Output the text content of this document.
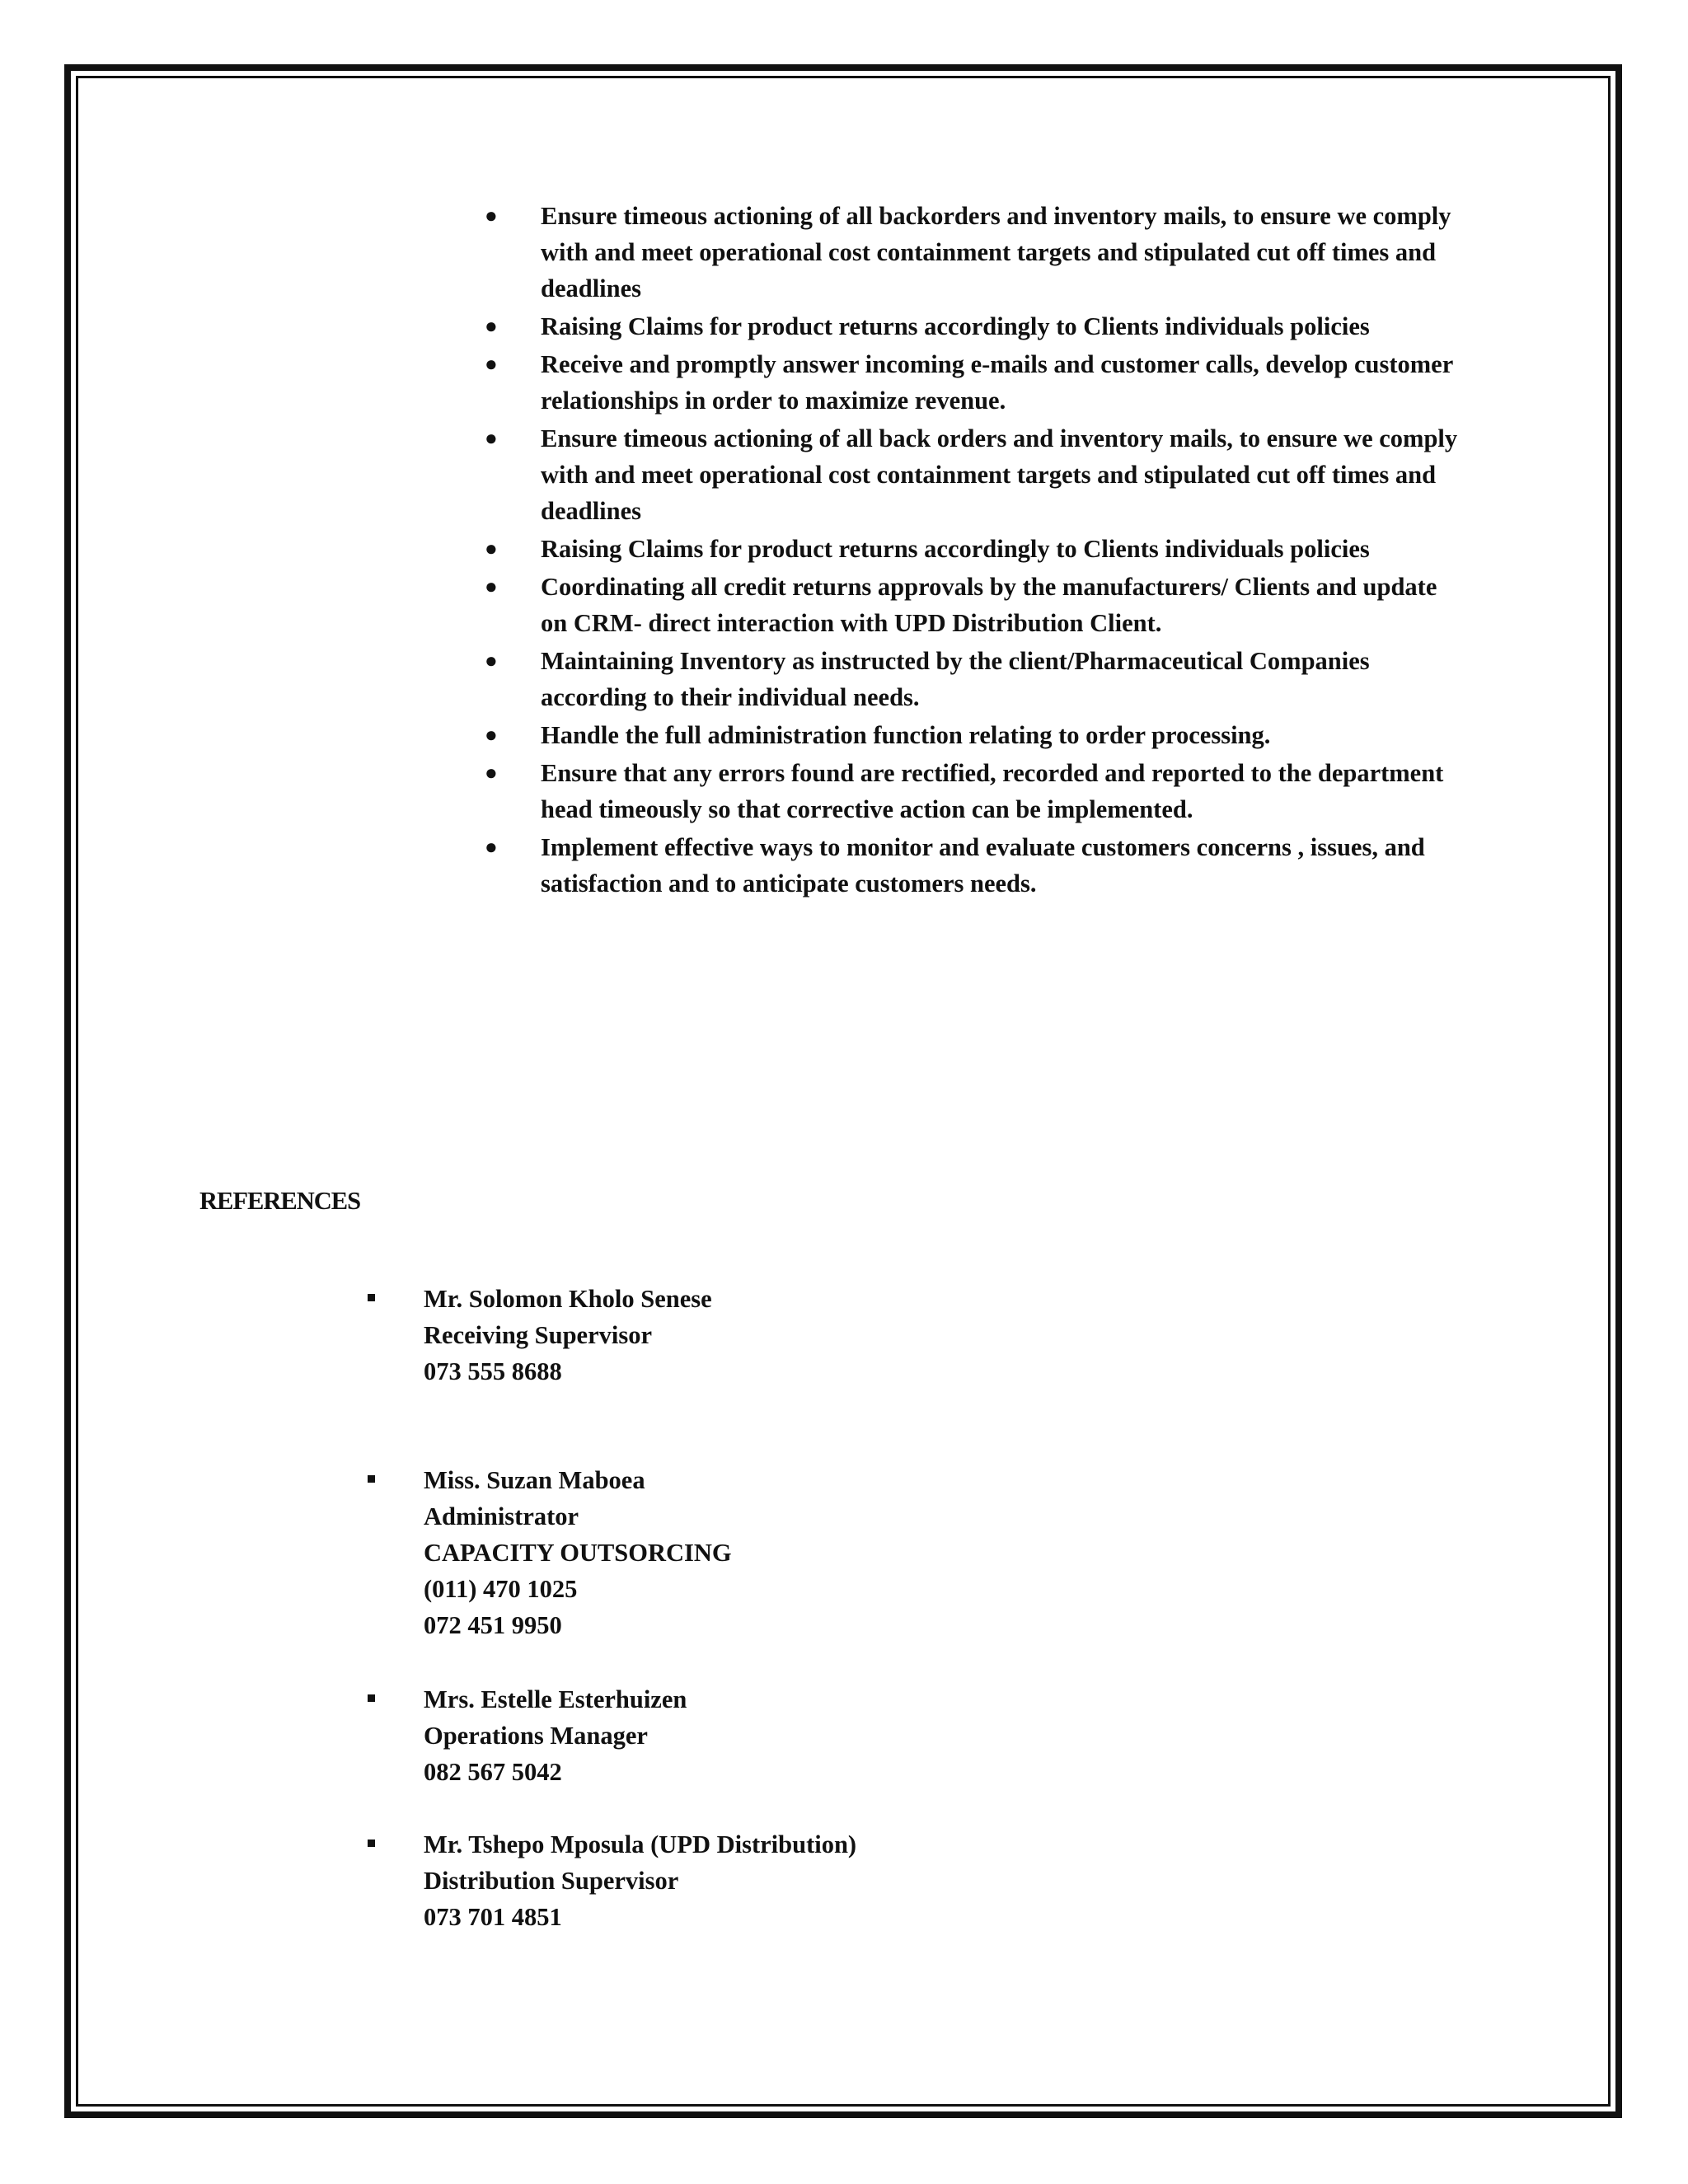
● Ensure timeous actioning of all backorders and inventory mails, to ensure we comply with and meet operational cost containment targets and stipulated cut off times and deadlines
● Raising Claims for product returns accordingly to Clients individuals policies
● Receive and promptly answer incoming e-mails and customer calls, develop customer relationships in order to maximize revenue.
● Ensure timeous actioning of all back orders and inventory mails, to ensure we comply with and meet operational cost containment targets and stipulated cut off times and deadlines
● Raising Claims for product returns accordingly to Clients individuals policies
● Coordinating all credit returns approvals by the manufacturers/ Clients and update on CRM- direct interaction with UPD Distribution Client.
● Maintaining Inventory as instructed by the client/Pharmaceutical Companies according to their individual needs.
● Handle the full administration function relating to order processing.
● Ensure that any errors found are rectified, recorded and reported to the department head timeously so that corrective action can be implemented.
● Implement effective ways to monitor and evaluate customers concerns , issues, and satisfaction and to anticipate customers needs.
REFERENCES
Mr. Solomon Kholo Senese
Receiving Supervisor
073 555 8688
Miss. Suzan Maboea
Administrator
CAPACITY OUTSORCING
(011) 470 1025
072 451 9950
Mrs. Estelle Esterhuizen
Operations Manager
082 567 5042
Mr. Tshepo Mposula (UPD Distribution)
Distribution Supervisor
073 701 4851
